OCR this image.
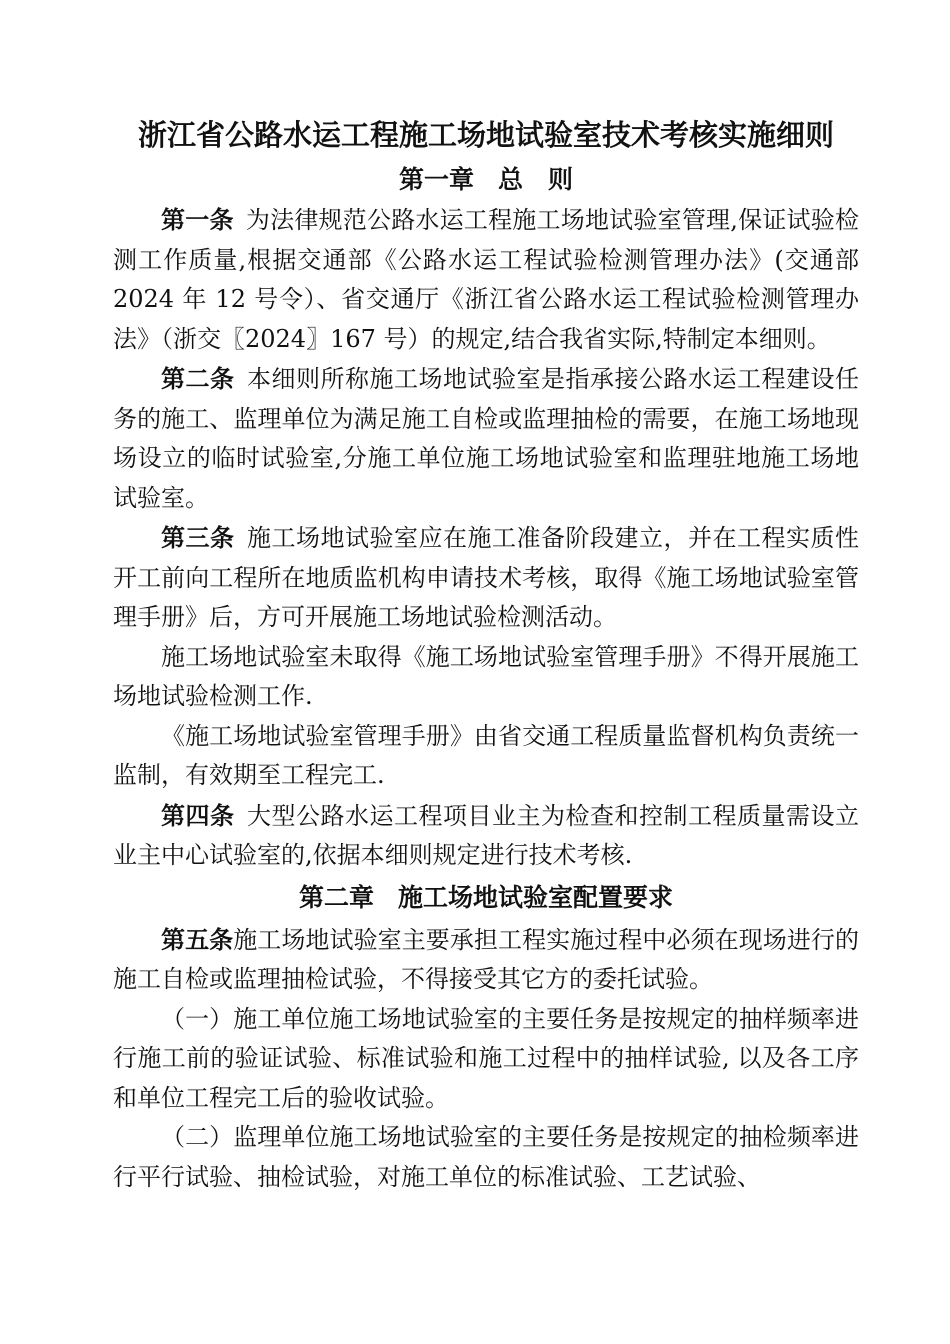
浙江省公路水运工程施工场地试验室技术考核实施细则
第一章 总　则

第一条 为法律规范公路水运工程施工场地试验室管理,保证试验检测工作质量,根据交通部《公路水运工程试验检测管理办法》(交通部 2024 年 12 号令）、省交通厅《浙江省公路水运工程试验检测管理办法》（浙交〖2024〗167 号）的规定,结合我省实际,特制定本细则。

第二条 本细则所称施工场地试验室是指承接公路水运工程建设任务的施工、监理单位为满足施工自检或监理抽检的需要，在施工场地现场设立的临时试验室,分施工单位施工场地试验室和监理驻地施工场地试验室。

第三条 施工场地试验室应在施工准备阶段建立，并在工程实质性开工前向工程所在地质监机构申请技术考核，取得《施工场地试验室管理手册》后，方可开展施工场地试验检测活动。

施工场地试验室未取得《施工场地试验室管理手册》不得开展施工场地试验检测工作.

《施工场地试验室管理手册》由省交通工程质量监督机构负责统一监制，有效期至工程完工.

第四条 大型公路水运工程项目业主为检查和控制工程质量需设立业主中心试验室的,依据本细则规定进行技术考核.

第二章 施工场地试验室配置要求

第五条施工场地试验室主要承担工程实施过程中必须在现场进行的施工自检或监理抽检试验，不得接受其它方的委托试验。

（一）施工单位施工场地试验室的主要任务是按规定的抽样频率进行施工前的验证试验、标准试验和施工过程中的抽样试验, 以及各工序和单位工程完工后的验收试验。

（二）监理单位施工场地试验室的主要任务是按规定的抽检频率进行平行试验、抽检试验，对施工单位的标准试验、工艺试验、
